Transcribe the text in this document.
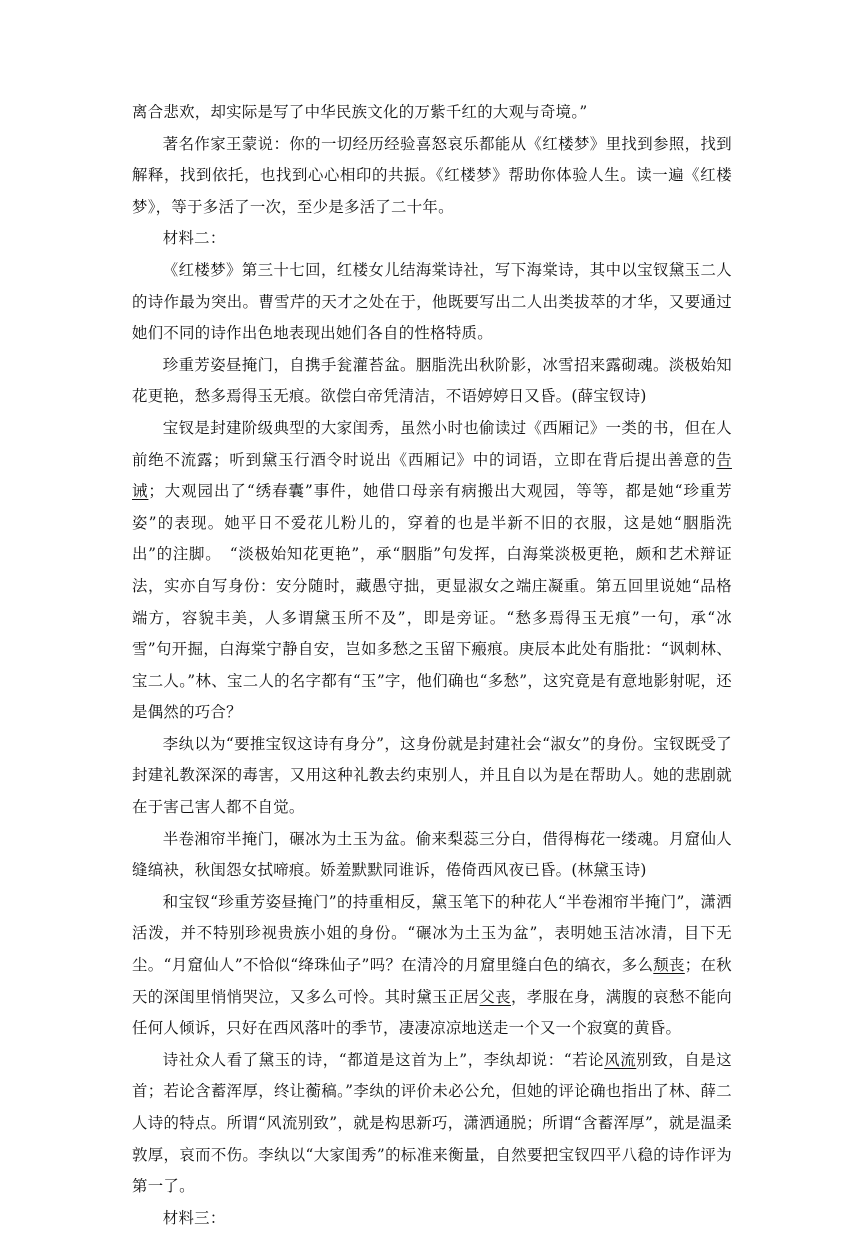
离合悲欢，却实际是写了中华民族文化的万紫千红的大观与奇境。”

著名作家王蒙说：你的一切经历经验喜怒哀乐都能从《红楼梦》里找到参照，找到解释，找到依托，也找到心心相印的共振。《红楼梦》帮助你体验人生。读一遍《红楼梦》，等于多活了一次，至少是多活了二十年。

材料二：

《红楼梦》第三十七回，红楼女儿结海棠诗社，写下海棠诗，其中以宝钗黛玉二人的诗作最为突出。曹雪芹的天才之处在于，他既要写出二人出类拔萃的才华，又要通过她们不同的诗作出色地表现出她们各自的性格特质。

珍重芳姿昼掩门，自携手瓮灌苔盆。胭脂洗出秋阶影，冰雪招来露砌魂。淡极始知花更艳，愁多焉得玉无痕。欲偿白帝凭清洁，不语婷婷日又昏。(薛宝钗诗)

宝钗是封建阶级典型的大家闺秀，虽然小时也偷读过《西厢记》一类的书，但在人前绝不流露；听到黛玉行酒令时说出《西厢记》中的词语，立即在背后提出善意的告诫；大观园出了“绣春囊”事件，她借口母亲有病搬出大观园，等等，都是她“珍重芳姿”的表现。她平日不爱花儿粉儿的，穿着的也是半新不旧的衣服，这是她“胭脂洗出”的注脚。　“淡极始知花更艳”，承“胭脂”句发挥，白海棠淡极更艳，颇和艺术辩证法，实亦自写身份：安分随时，藏愚守拙，更显淑女之端庄凝重。第五回里说她“品格端方，容貌丰美，人多谓黛玉所不及”，即是旁证。“愁多焉得玉无痕”一句，承“冰雪”句开掘，白海棠宁静自安，岂如多愁之玉留下瘢痕。庚辰本此处有脂批：“讽刺林、宝二人。”林、宝二人的名字都有“玉”字，他们确也“多愁”，这究竟是有意地影射呢，还是偶然的巧合？

李纨以为“要推宝钗这诗有身分”，这身份就是封建社会“淑女”的身份。宝钗既受了封建礼教深深的毒害，又用这种礼教去约束别人，并且自以为是在帮助人。她的悲剧就在于害己害人都不自觉。

半卷湘帘半掩门，碾冰为土玉为盆。偷来梨蕊三分白，借得梅花一缕魂。月窟仙人缝缟袂，秋闺怨女拭啼痕。娇羞默默同谁诉，倦倚西风夜已昏。(林黛玉诗)

和宝钗“珍重芳姿昼掩门”的持重相反，黛玉笔下的种花人“半卷湘帘半掩门”，潇洒活泼，并不特别珍视贵族小姐的身份。“碾冰为土玉为盆”，表明她玉洁冰清，目下无尘。“月窟仙人”不恰似“绛珠仙子”吗？在清冷的月窟里缝白色的缟衣，多么颓丧；在秋天的深闺里悄悄哭泣，又多么可怜。其时黛玉正居父丧，孝服在身，满腹的哀愁不能向任何人倾诉，只好在西风落叶的季节，凄凄凉凉地送走一个又一个寂寞的黄昏。

诗社众人看了黛玉的诗，“都道是这首为上”，李纨却说：“若论风流别致，自是这首；若论含蓄浑厚，终让蘅稿。”李纨的评价未必公允，但她的评论确也指出了林、薛二人诗的特点。所谓“风流别致”，就是构思新巧，潇洒通脱；所谓“含蓄浑厚”，就是温柔敦厚，哀而不伤。李纨以“大家闺秀”的标准来衡量，自然要把宝钗四平八稳的诗作评为第一了。

材料三：
